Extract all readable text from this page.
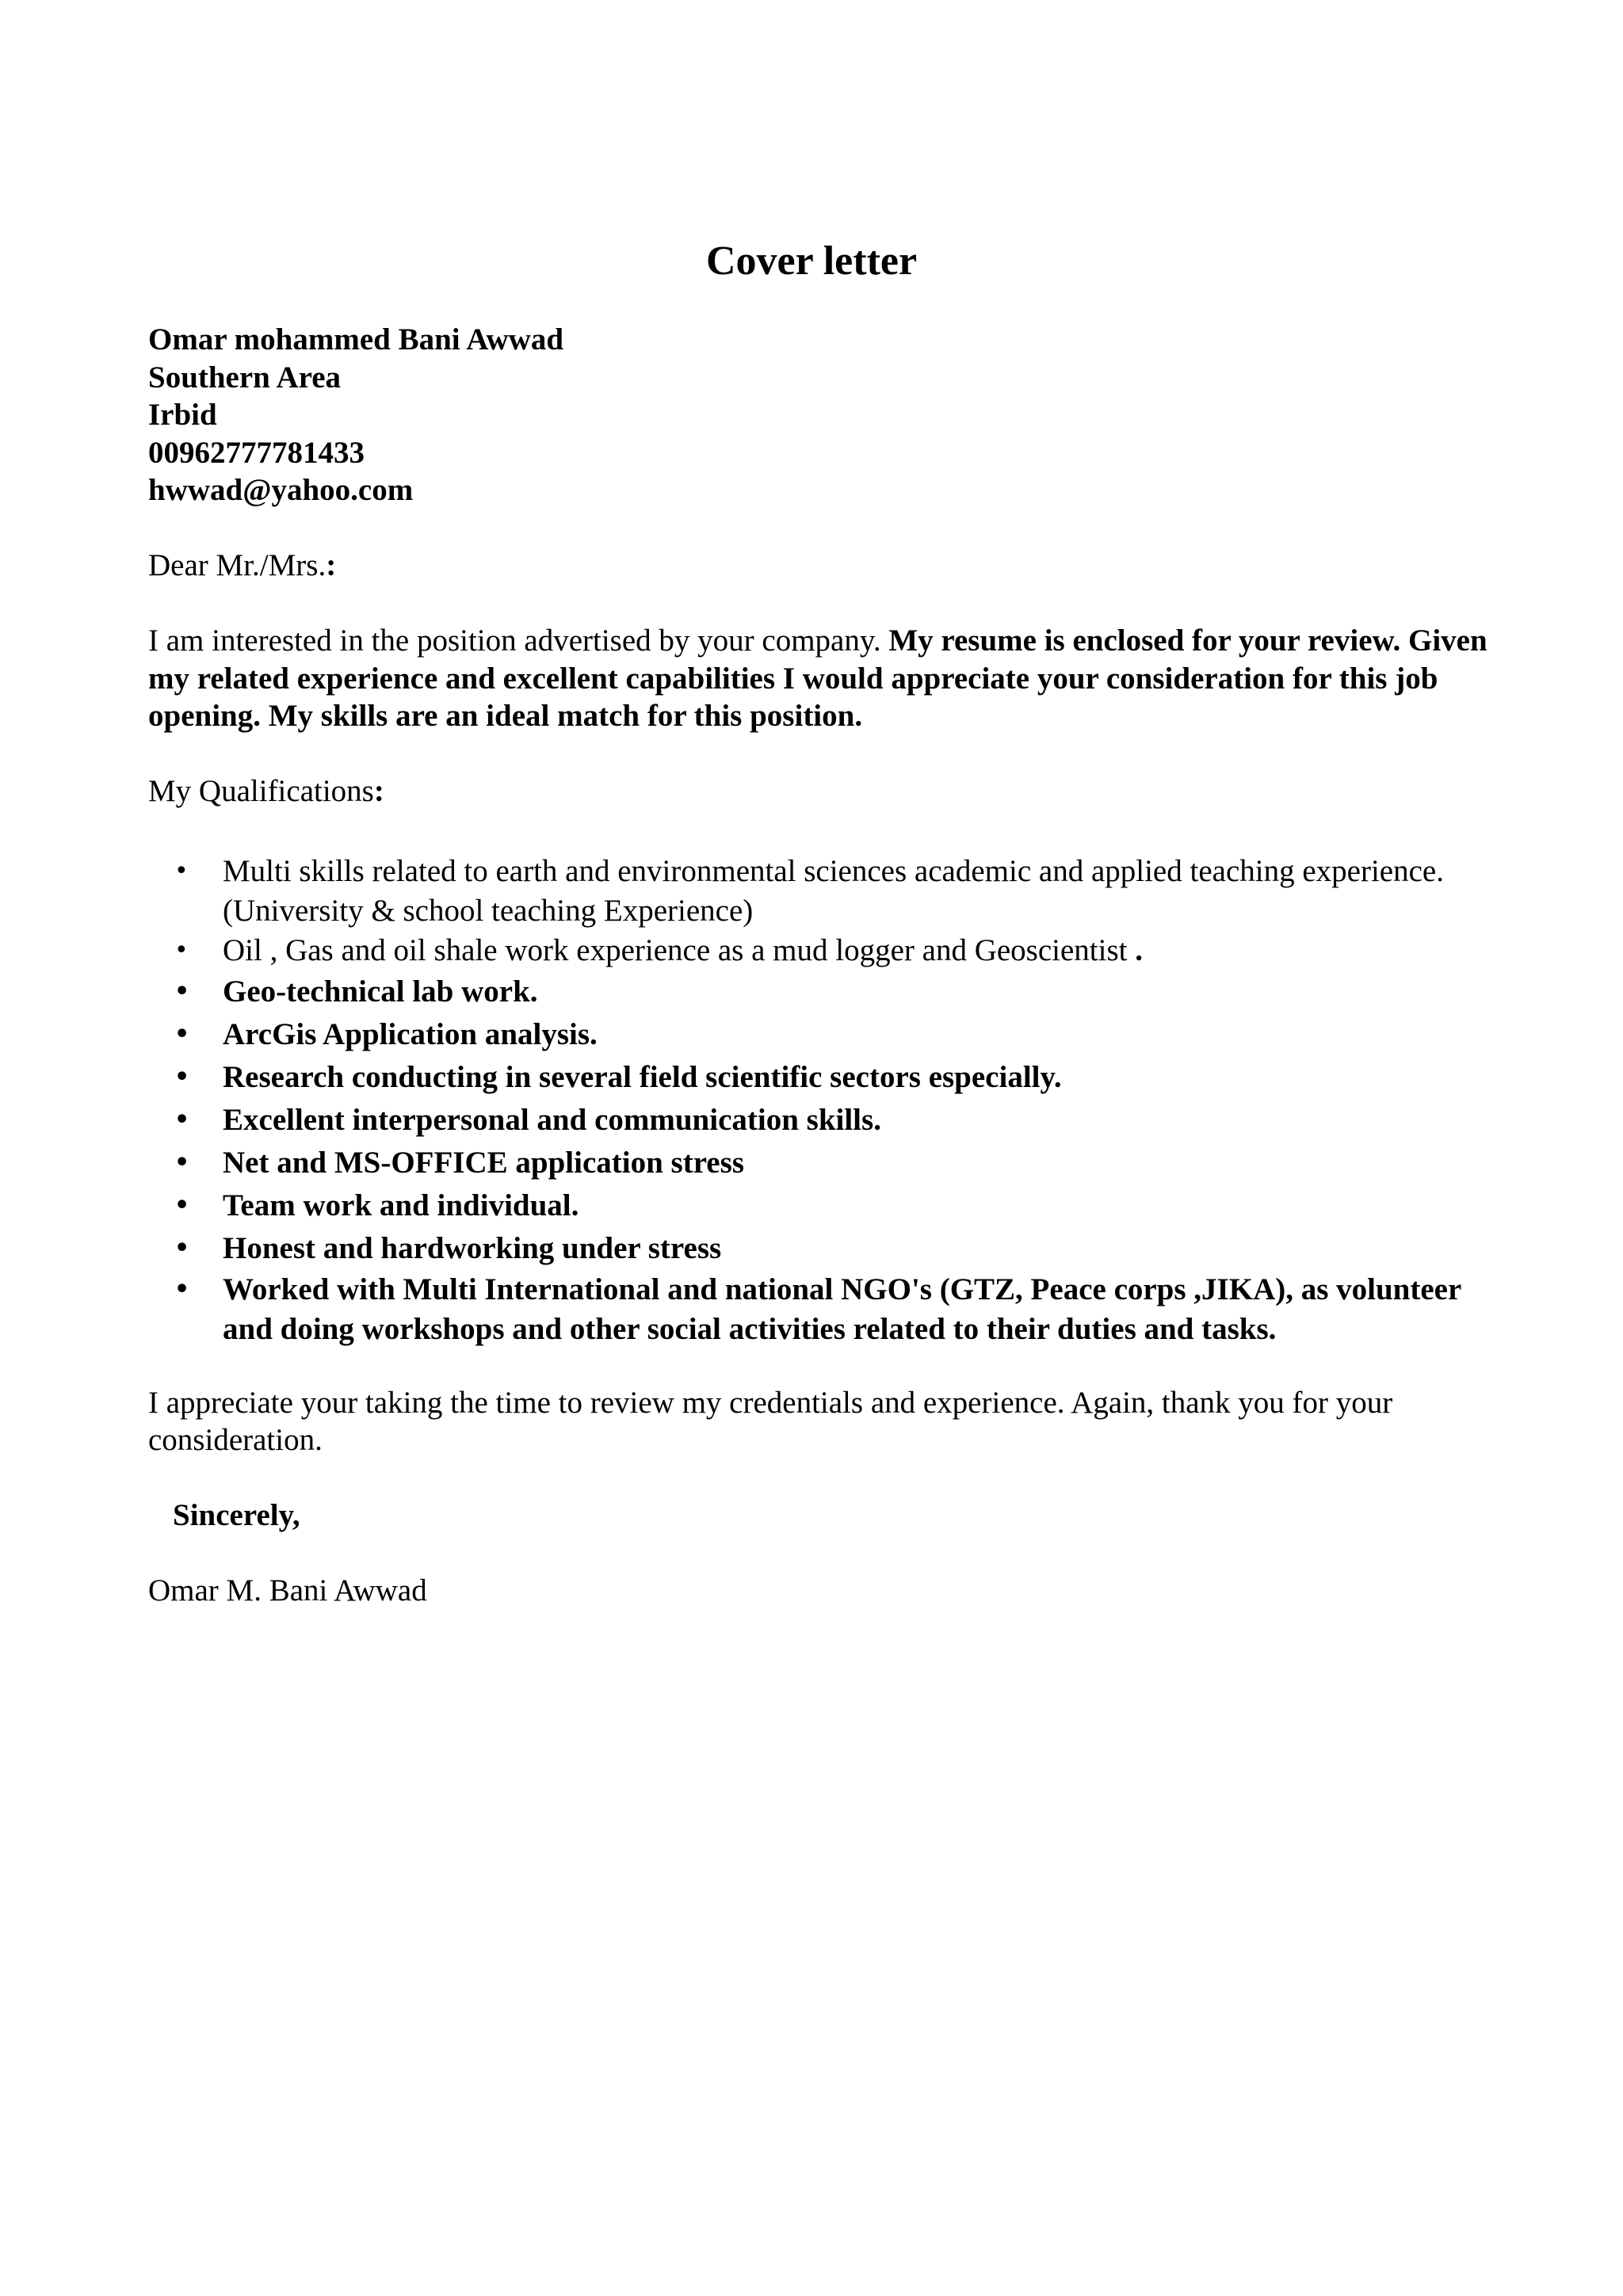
Cover letter
Omar mohammed Bani Awwad
Southern Area
Irbid
00962777781433
hwwad@yahoo.com

Dear Mr./Mrs.:

I am interested in the position advertised by your company. My resume is enclosed for your review. Given my related experience and excellent capabilities I would appreciate your consideration for this job opening. My skills are an ideal match for this position.

My Qualifications:

• Multi skills related to earth and environmental sciences academic and applied teaching experience. (University & school teaching Experience)
• Oil , Gas and oil shale work experience as a mud logger and Geoscientist .
• Geo-technical lab work.
• ArcGis Application analysis.
• Research conducting in several field scientific sectors especially.
• Excellent interpersonal and communication skills.
• Net and MS-OFFICE application stress
• Team work and individual.
• Honest and hardworking under stress
• Worked with Multi International and national NGO's (GTZ, Peace corps ,JIKA), as volunteer and doing workshops and other social activities related to their duties and tasks.

I appreciate your taking the time to review my credentials and experience. Again, thank you for your consideration.

Sincerely,

Omar M. Bani Awwad
